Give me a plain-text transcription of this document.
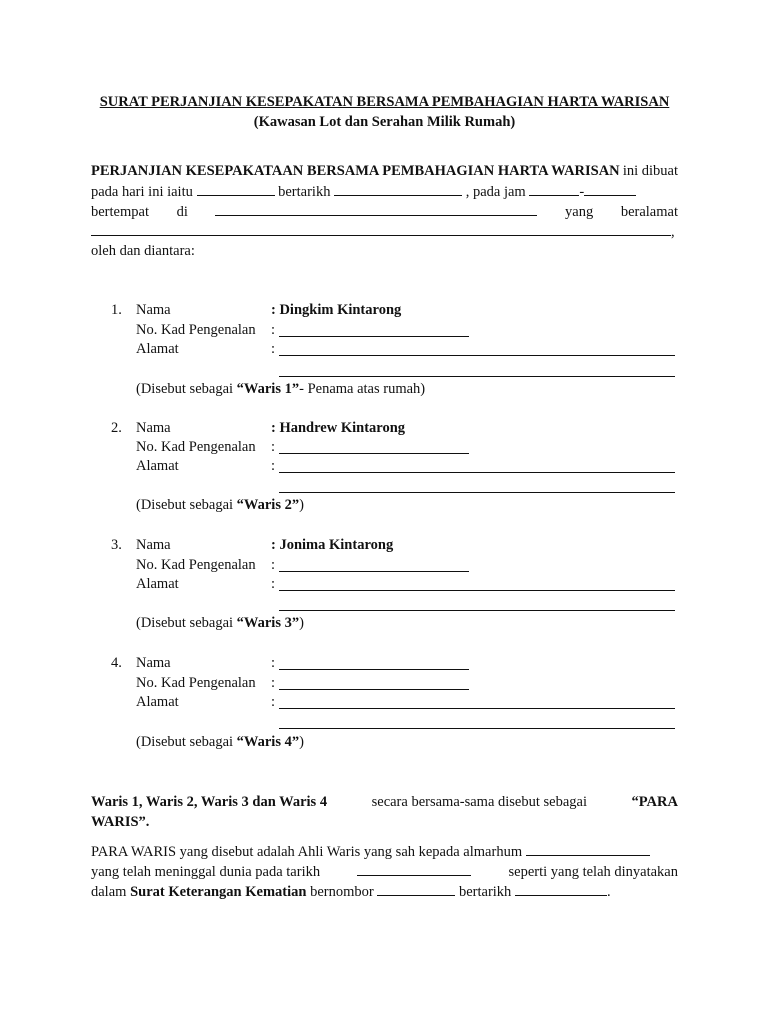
SURAT PERJANJIAN KESEPAKATAN BERSAMA PEMBAHAGIAN HARTA WARISAN
(Kawasan Lot dan Serahan Milik Rumah)
PERJANJIAN KESEPAKATAAN BERSAMA PEMBAHAGIAN HARTA WARISAN ini dibuat
pada hari ini iaitu	bertarikh	, pada jam	-
bertempat di	yang beralamat
,
oleh dan diantara:
1. Nama	: Dingkim Kintarong
No. Kad Pengenalan :
Alamat	:
(Disebut sebagai “Waris 1”- Penama atas rumah)
2. Nama	: Handrew Kintarong
No. Kad Pengenalan :
Alamat	:
(Disebut sebagai “Waris 2”)
3. Nama	: Jonima Kintarong
No. Kad Pengenalan :
Alamat	:
(Disebut sebagai “Waris 3”)
4. Nama	:
No. Kad Pengenalan :
Alamat	:
(Disebut sebagai “Waris 4”)
Waris 1, Waris 2, Waris 3 dan Waris 4	secara bersama-sama disebut sebagai	“PARA
WARIS”.
PARA WARIS yang disebut adalah Ahli Waris yang sah kepada almarhum
yang telah meninggal dunia pada tarikh	seperti yang telah dinyatakan
dalam Surat Keterangan Kematian bernombor	bertarikh	.
